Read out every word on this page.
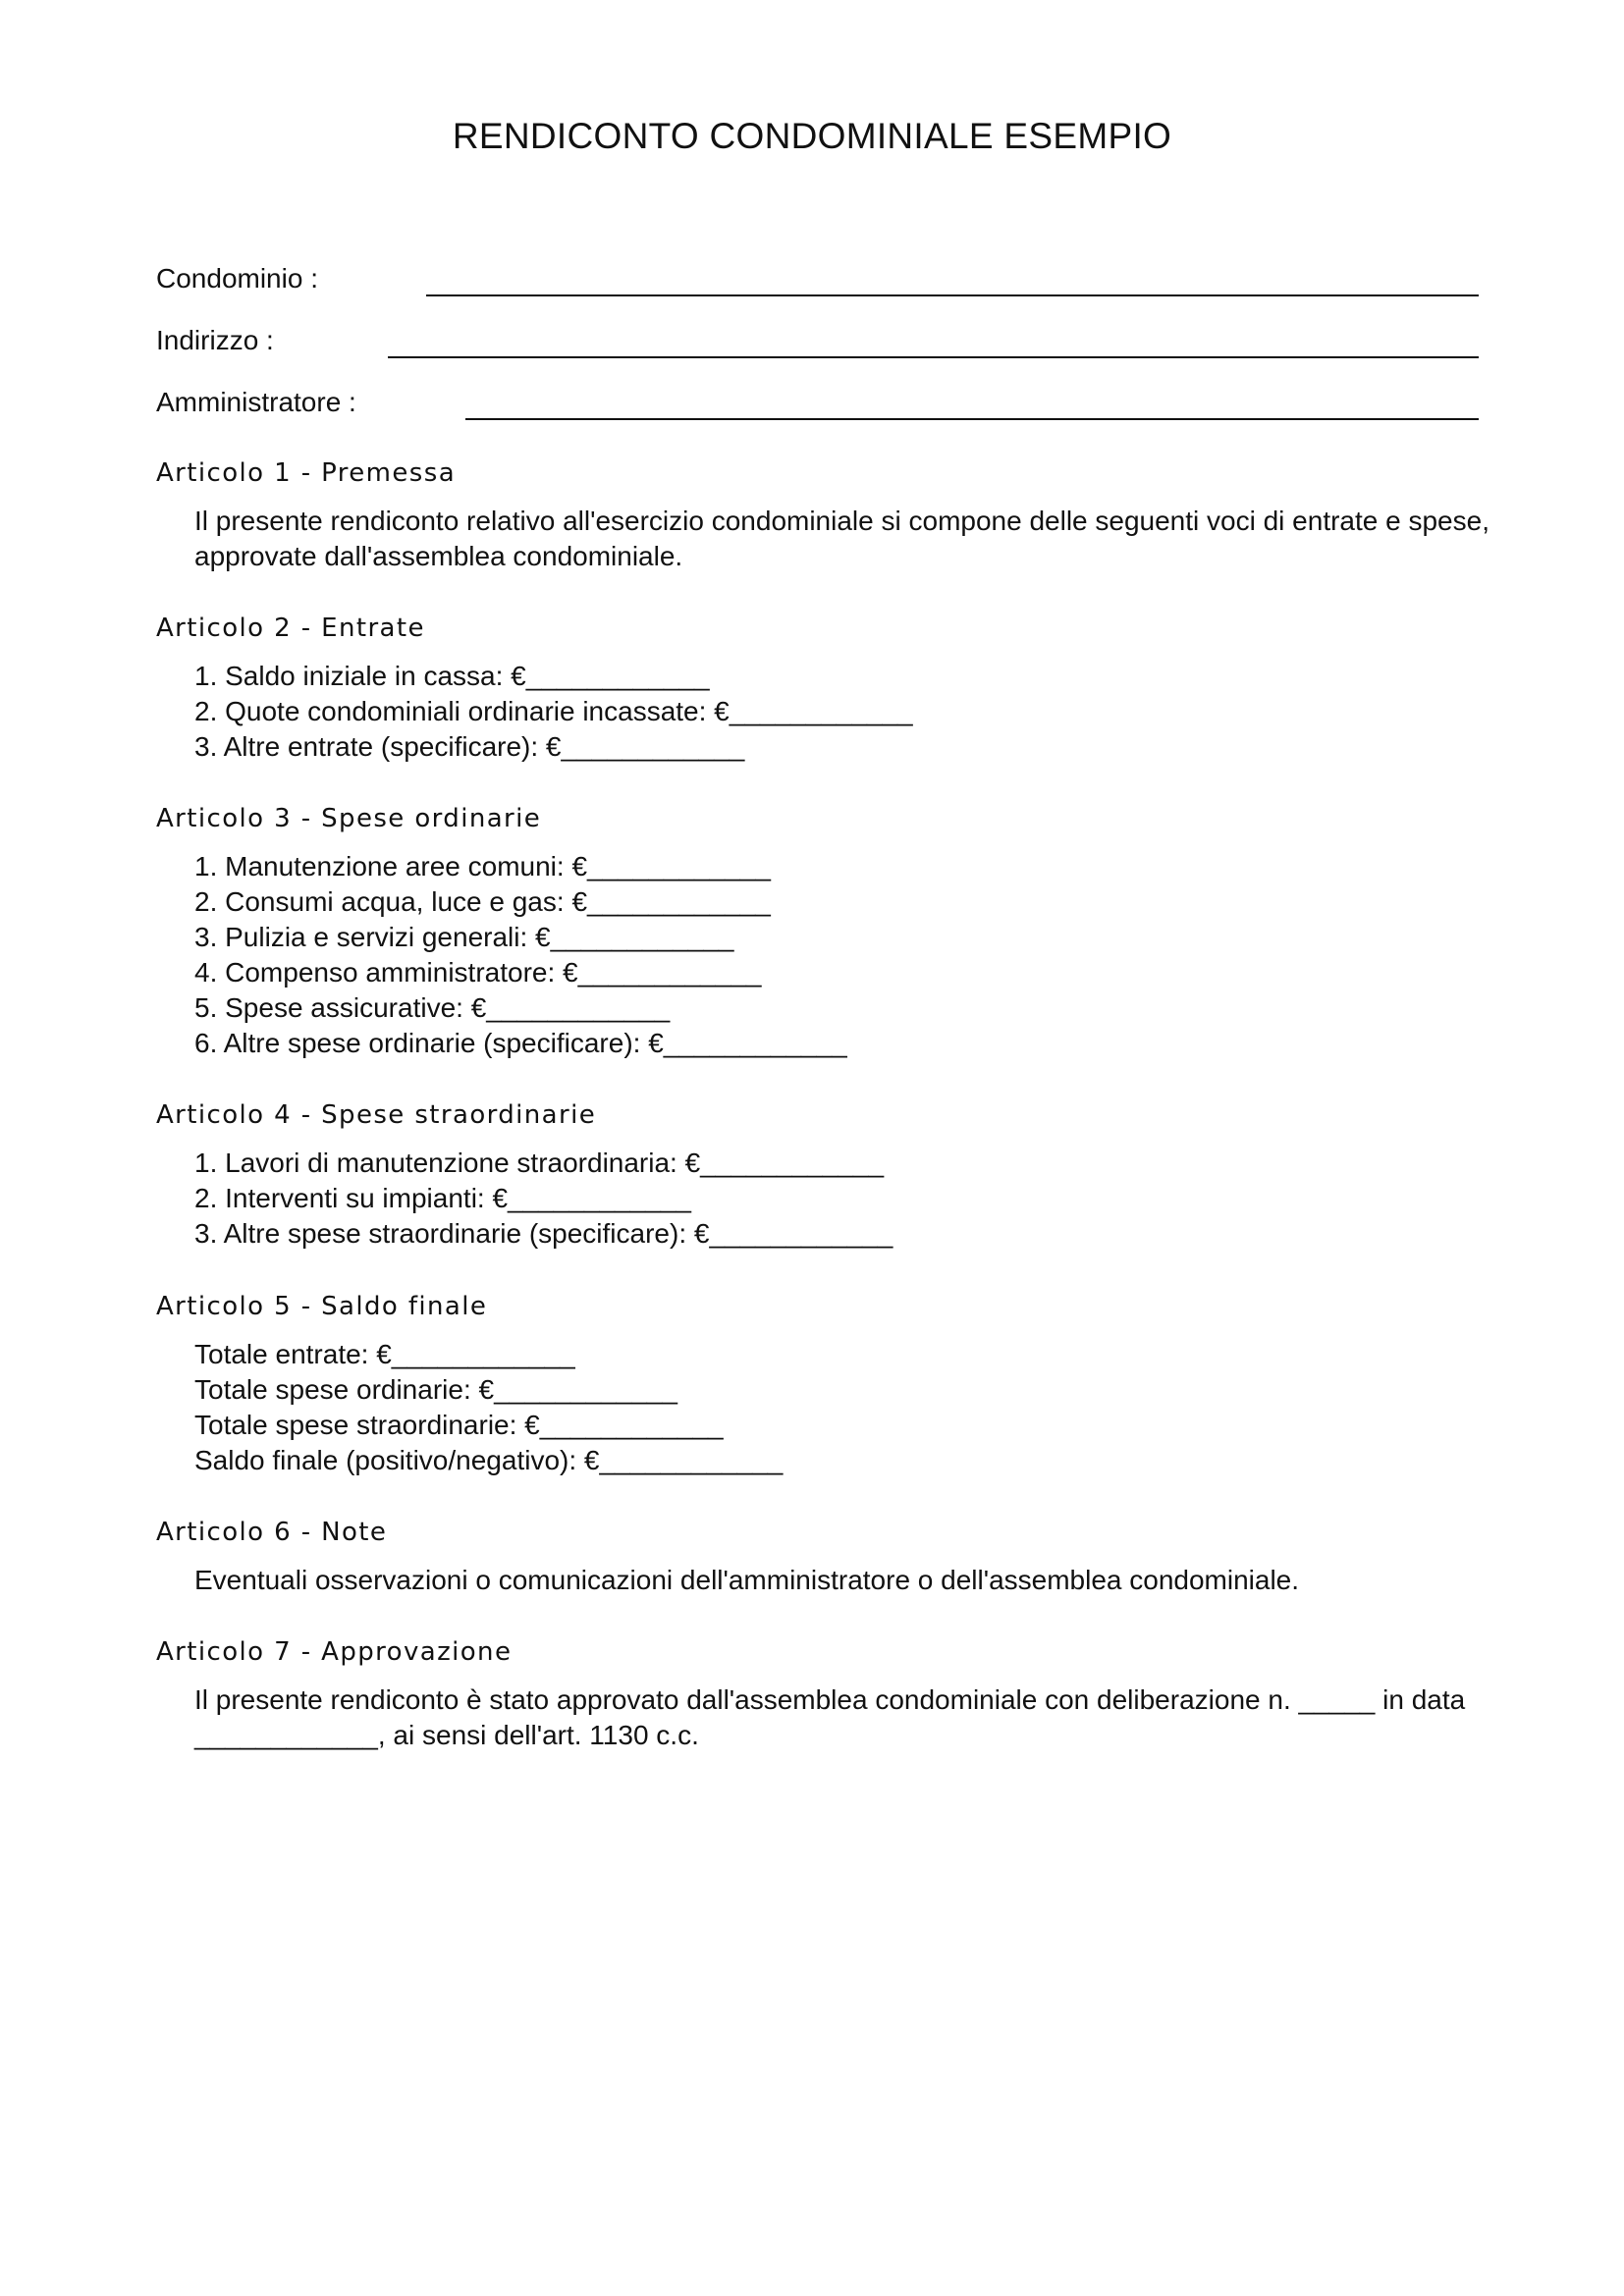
RENDICONTO CONDOMINIALE ESEMPIO
Condominio :
Indirizzo :
Amministratore :
Articolo 1 - Premessa

Il presente rendiconto relativo all'esercizio condominiale si compone delle seguenti voci di entrate e spese, approvate dall'assemblea condominiale.

Articolo 2 - Entrate
1. Saldo iniziale in cassa: €____________
2. Quote condominiali ordinarie incassate: €____________
3. Altre entrate (specificare): €____________
Articolo 3 - Spese ordinarie
1. Manutenzione aree comuni: €____________
2. Consumi acqua, luce e gas: €____________
3. Pulizia e servizi generali: €____________
4. Compenso amministratore: €____________
5. Spese assicurative: €____________
6. Altre spese ordinarie (specificare): €____________
Articolo 4 - Spese straordinarie
1. Lavori di manutenzione straordinaria: €____________
2. Interventi su impianti: €____________
3. Altre spese straordinarie (specificare): €____________
Articolo 5 - Saldo finale
Totale entrate: €____________
Totale spese ordinarie: €____________
Totale spese straordinarie: €____________
Saldo finale (positivo/negativo): €____________
Articolo 6 - Note

Eventuali osservazioni o comunicazioni dell'amministratore o dell'assemblea condominiale.

Articolo 7 - Approvazione

Il presente rendiconto è stato approvato dall'assemblea condominiale con deliberazione n. _____ in data ____________, ai sensi dell'art. 1130 c.c.
